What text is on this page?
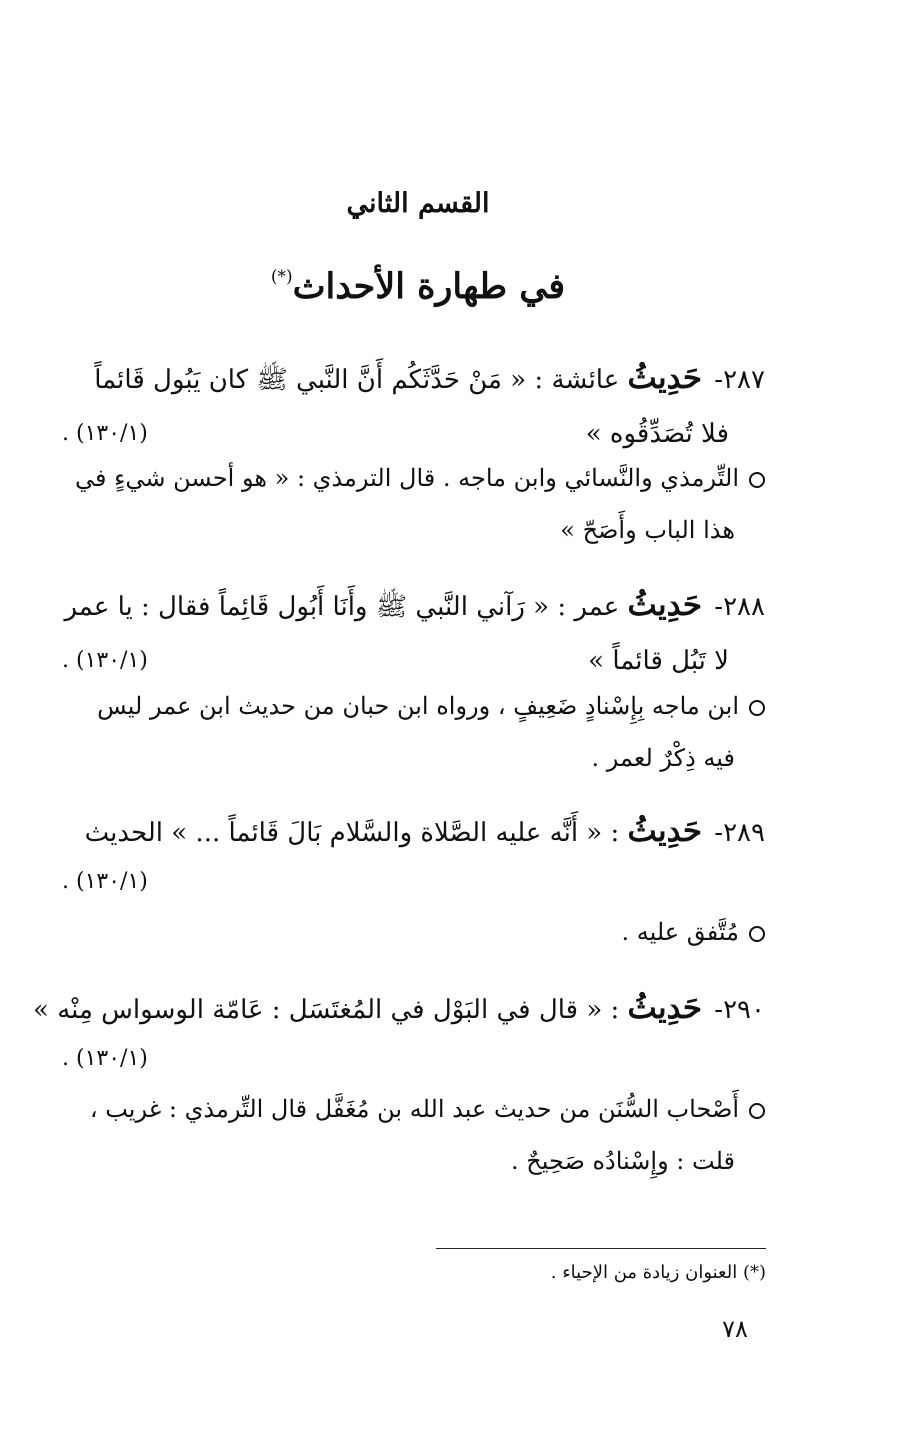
القسم الثاني
في طهارة الأحداث(*)
٢٨٧- حَدِيثُ عائشة : « مَنْ حَدَّثَكُم أَنَّ النَّبي ﷺ كان يَبُول قَائماً
فلا تُصَدِّقُوه »
(١٣٠/١) .
التِّرمذي والنَّسائي وابن ماجه . قال الترمذي : « هو أحسن شيءٍ في
هذا الباب وأَصَحّ »
٢٨٨- حَدِيثُ عمر : « رَآني النَّبي ﷺ وأَنَا أَبُول قَائِماً فقال : يا عمر
لا تَبُل قائماً »
(١٣٠/١) .
ابن ماجه بِإِسْنادٍ ضَعِيفٍ ، ورواه ابن حبان من حديث ابن عمر ليس
فيه ذِكْرٌ لعمر .
٢٨٩- حَدِيثُ : « أَنَّه عليه الصَّلاة والسَّلام بَالَ قَائماً ... » الحديث
(١٣٠/١) .
مُتَّفق عليه .
٢٩٠- حَدِيثُ : « قال في البَوْل في المُغتَسَل : عَامّة الوسواس مِنْه »
(١٣٠/١) .
أَصْحاب السُّنَن من حديث عبد الله بن مُغَفَّل قال التِّرمذي : غريب ،
قلت : وإِسْنادُه صَحِيحٌ .
(*) العنوان زيادة من الإحياء .
٧٨
